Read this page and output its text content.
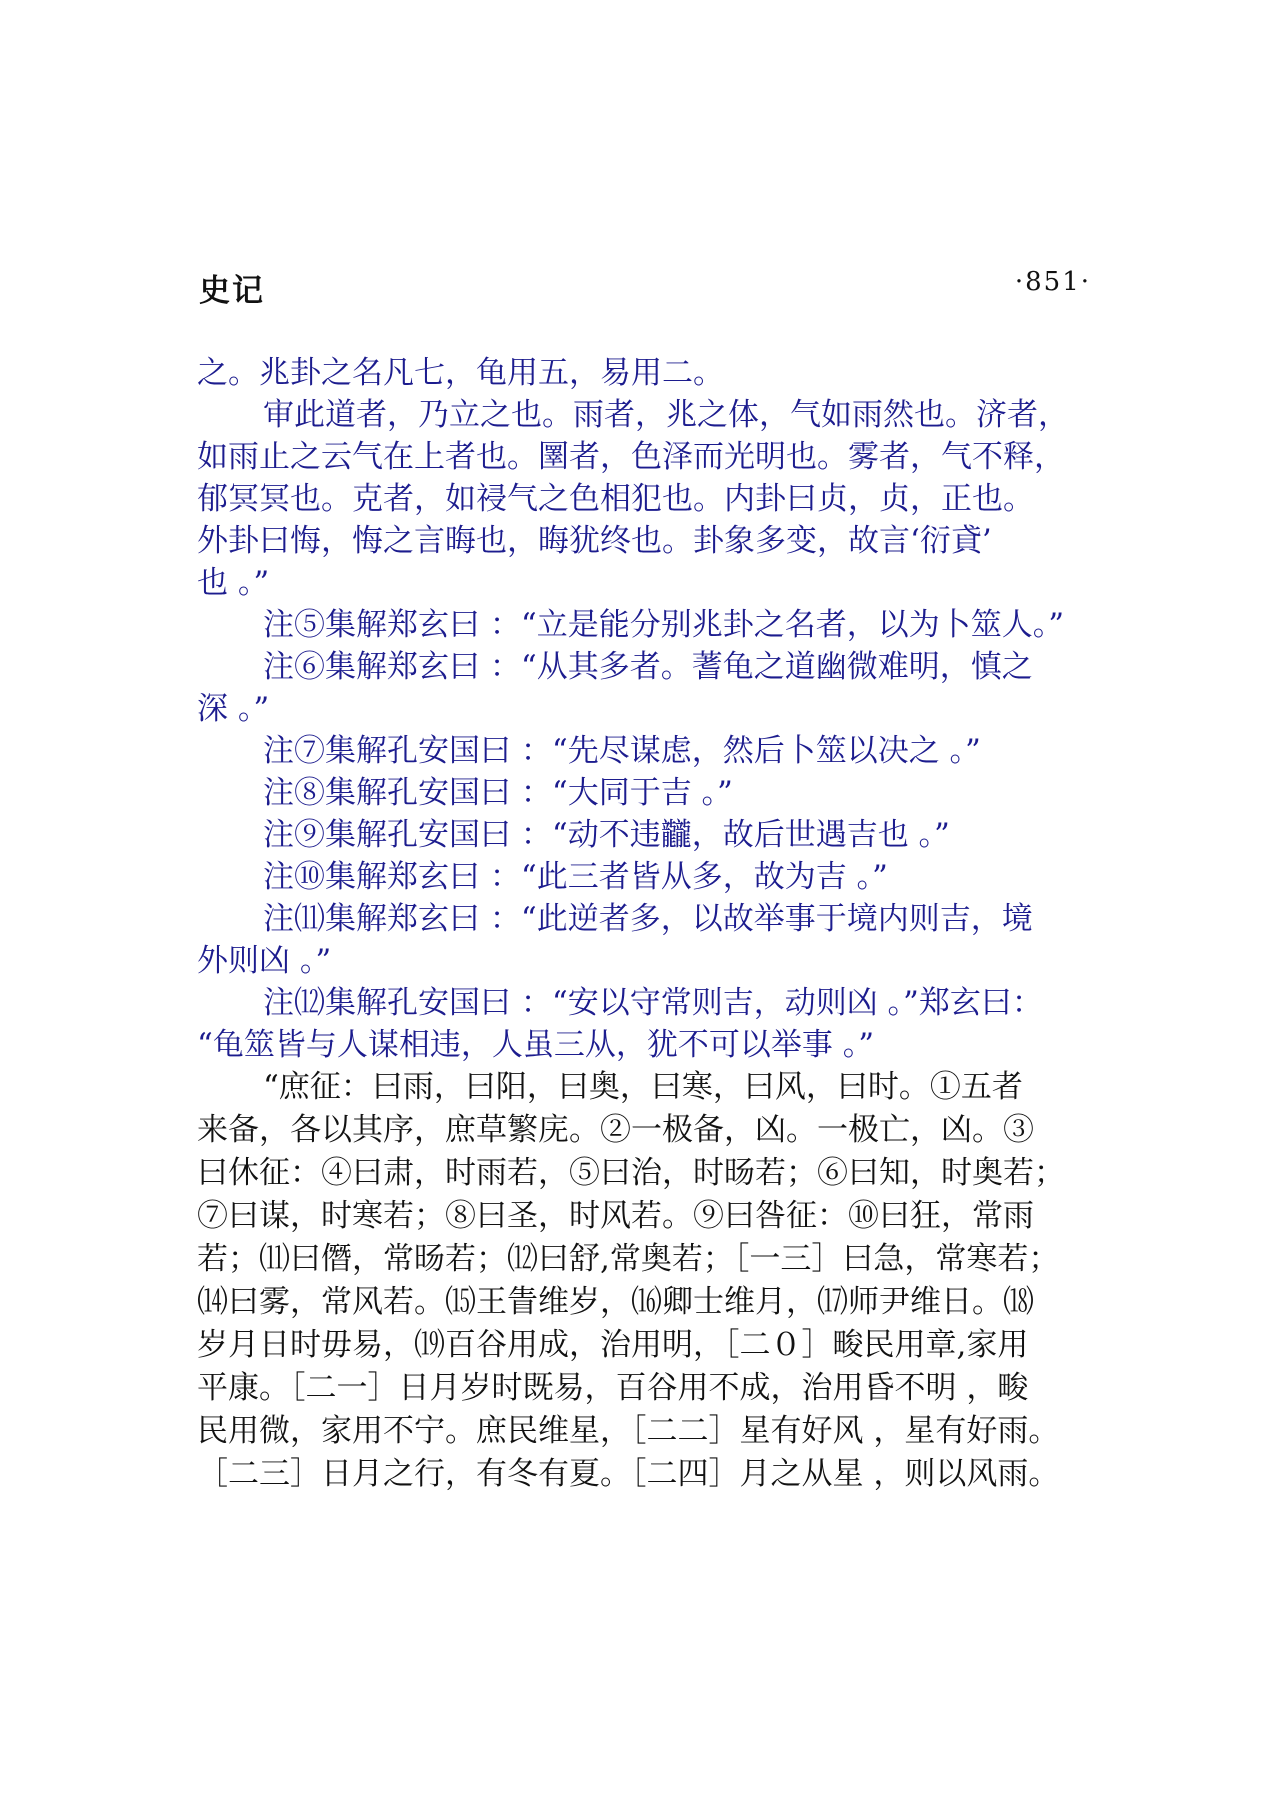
史记	·851·
之。兆卦之名凡七，龟用五，易用二。
审此道者，乃立之也。雨者，兆之体，气如雨然也。济者，
如雨止之云气在上者也。圛者，色泽而光明也。雾者，气不释，
郁冥冥也。克者，如祲气之色相犯也。内卦曰贞，贞，正也。
外卦曰悔，悔之言晦也，晦犹终也。卦象多变，故言‘衍貣’
也 。”
注⑤集解郑玄曰 ：“立是能分别兆卦之名者，以为卜筮人。”
注⑥集解郑玄曰 ：“从其多者。蓍龟之道幽微难明，慎之
深 。”
注⑦集解孔安国曰 ：“先尽谋虑，然后卜筮以决之 。”
注⑧集解孔安国曰 ：“大同于吉 。”
注⑨集解孔安国曰 ：“动不违龖，故后世遇吉也 。”
注⑩集解郑玄曰 ：“此三者皆从多，故为吉 。”
注⑾集解郑玄曰 ：“此逆者多，以故举事于境内则吉，境
外则凶 。”
注⑿集解孔安国曰 ：“安以守常则吉，动则凶 。”郑玄曰：
“龟筮皆与人谋相违，人虽三从，犹不可以举事 。”
“庶征：曰雨，曰阳，曰奥，曰寒，曰风，曰时。①五者
来备，各以其序，庶草繁庑。②一极备，凶。一极亡，凶。③
曰休征：④曰肃，时雨若，⑤曰治，时旸若；⑥曰知，时奥若；
⑦曰谋，时寒若；⑧曰圣，时风若。⑨曰咎征：⑩曰狂，常雨
若；⑾曰僭，常旸若；⑿曰舒,常奥若；［一三］曰急，常寒若；
⒁曰雾，常风若。⒂王眚维岁，⒃卿士维月，⒄师尹维日。⒅
岁月日时毋易，⒆百谷用成，治用明，［二０］畯民用章,家用
平康。［二一］日月岁时既易，百谷用不成，治用昏不明 ，畯
民用微，家用不宁。庶民维星，［二二］星有好风 ，星有好雨。
［二三］日月之行，有冬有夏。［二四］月之从星 ，则以风雨。
